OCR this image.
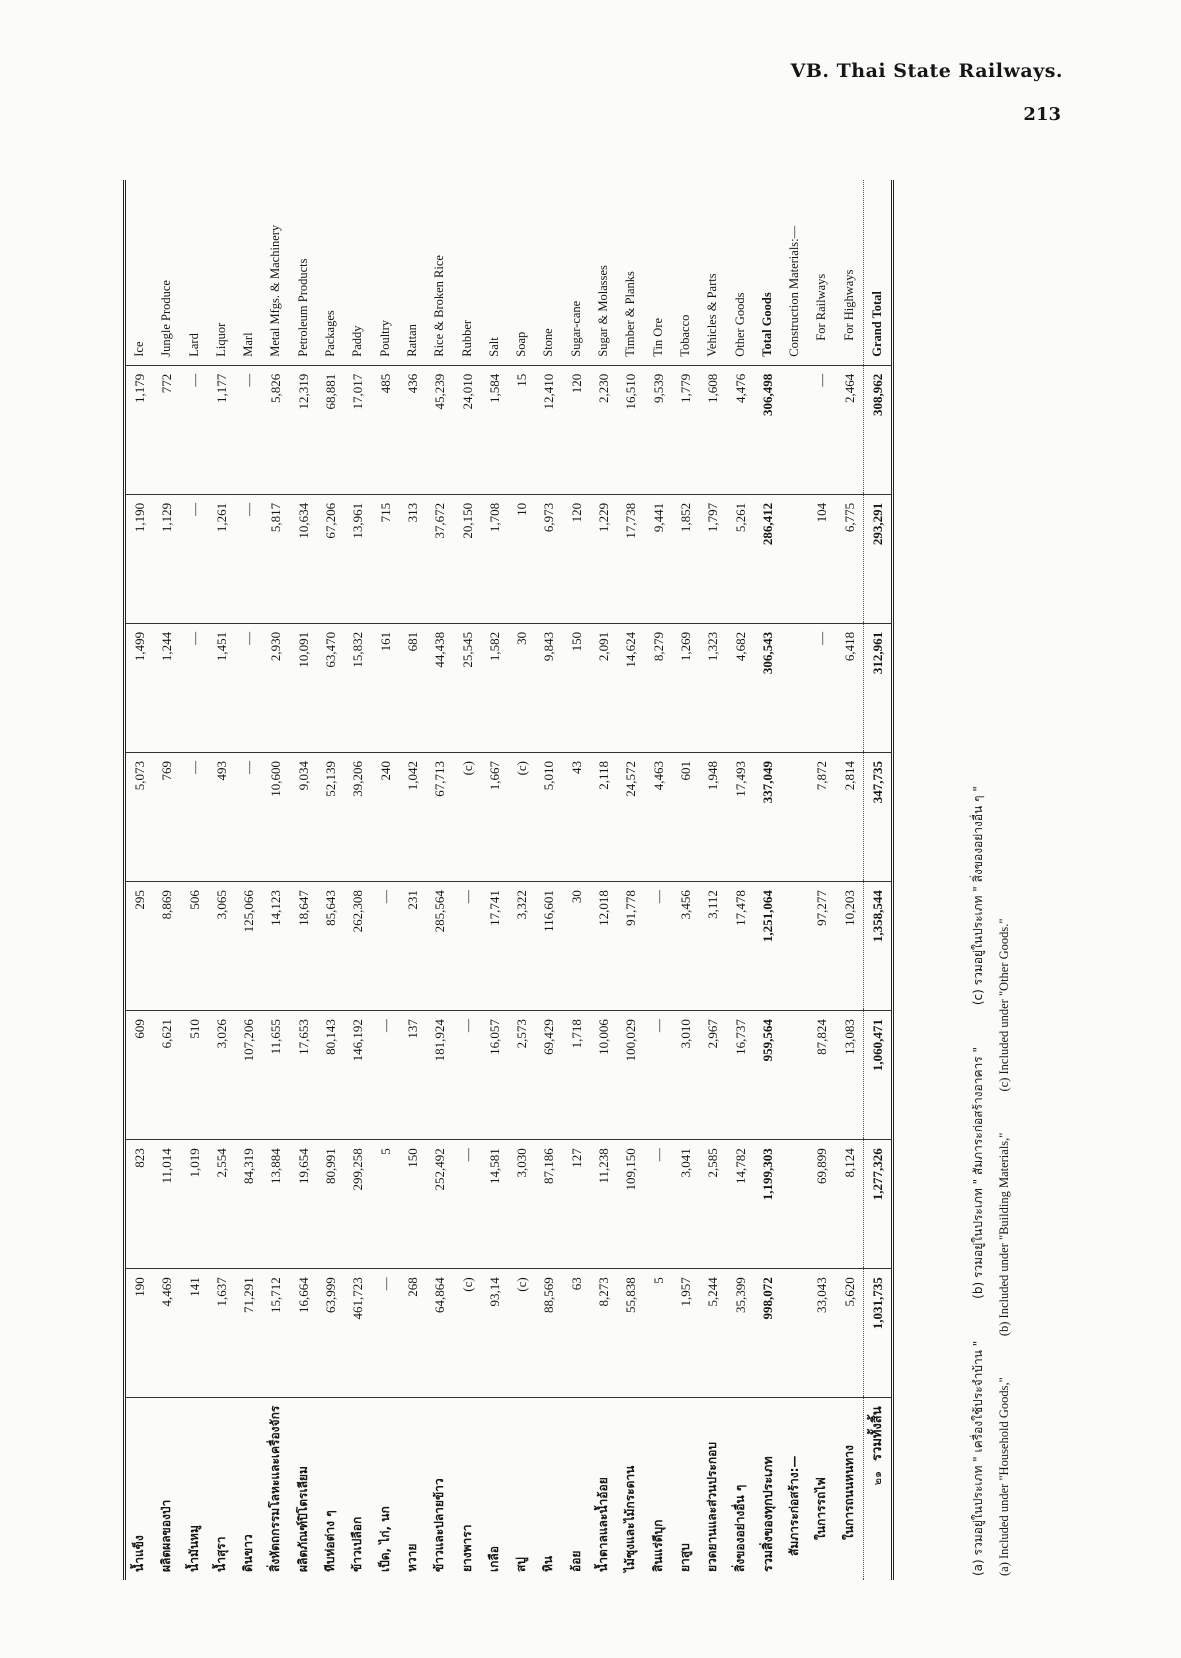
VB. Thai State Railways.
213
น้ำแข็ง	190	823	609	295	5,073	1,499	1,190	1,179	Ice
ผลิตผลของป่า	4,469	11,014	6,621	8,869	769	1,244	1,129	772	Jungle Produce
น้ำมันหมู	141	1,019	510	506	—	—	—	—	Lard
น้ำสุรา	1,637	2,554	3,026	3,065	493	1,451	1,261	1,177	Liquor
ดินขาว	71,291	84,319	107,206	125,066	—	—	—	—	Marl
สิ่งหัตถกรรมโลหะและเครื่องจักร	15,712	13,884	11,655	14,123	10,600	2,930	5,817	5,826	Metal Mfgs. & Machinery
ผลิตภัณฑ์ปิโตรเลียม	16,664	19,654	17,653	18,647	9,034	10,091	10,634	12,319	Petroleum Products
หีบห่อต่าง ๆ	63,999	80,991	80,143	85,643	52,139	63,470	67,206	68,881	Packages
ข้าวเปลือก	461,723	299,258	146,192	262,308	39,206	15,832	13,961	17,017	Paddy
เป็ด, ไก่, นก	—	5	—	—	240	161	715	485	Poultry
หวาย	268	150	137	231	1,042	681	313	436	Rattan
ข้าวและปลายข้าว	64,864	252,492	181,924	285,564	67,713	44,438	37,672	45,239	Rice & Broken Rice
ยางพารา	(c)	—	—	—	(c)	25,545	20,150	24,010	Rubber
เกลือ	93,14	14,581	16,057	17,741	1,667	1,582	1,708	1,584	Salt
สบู่	(c)	3,030	2,573	3,322	(c)	30	10	15	Soap
หิน	88,569	87,186	69,429	116,601	5,010	9,843	6,973	12,410	Stone
อ้อย	63	127	1,718	30	43	150	120	120	Sugar-cane
น้ำตาลและน้ำอ้อย	8,273	11,238	10,006	12,018	2,118	2,091	1,229	2,230	Sugar & Molasses
ไม้ซุงและไม้กระดาน	55,838	109,150	100,029	91,778	24,572	14,624	17,738	16,510	Timber & Planks
สินแร่ดีบุก	5	—	—	—	4,463	8,279	9,441	9,539	Tin Ore
ยาสูบ	1,957	3,041	3,010	3,456	601	1,269	1,852	1,779	Tobacco
ยวดยานและส่วนประกอบ	5,244	2,585	2,967	3,112	1,948	1,323	1,797	1,608	Vehicles & Parts
สิ่งของอย่างอื่น ๆ	35,399	14,782	16,737	17,478	17,493	4,682	5,261	4,476	Other Goods
รวมสิ่งของทุกประเภท	998,072	1,199,303	959,564	1,251,064	337,049	306,543	286,412	306,498	Total Goods
สัมภาระก่อสร้าง:—									Construction Materials:—
ในการรถไฟ	33,043	69,899	87,824	97,277	7,872	—	104	—	For Railways
ในการถนนหนทาง	5,620	8,124	13,083	10,203	2,814	6,418	6,775	2,464	For Highways
๒๑รวมทั้งสิ้น	1,031,735	1,277,326	1,060,471	1,358,544	347,735	312,961	293,291	308,962	Grand Total
(a) รวมอยู่ในประเภท " เครื่องใช้ประจำบ้าน " (b) รวมอยู่ในประเภท " สัมภาระก่อสร้างอาคาร " (c) รวมอยู่ในประเภท " สิ่งของอย่างอื่น ๆ "
(a) Included under "Household Goods," (b) Included under "Building Materials," (c) Included under "Other Goods."
